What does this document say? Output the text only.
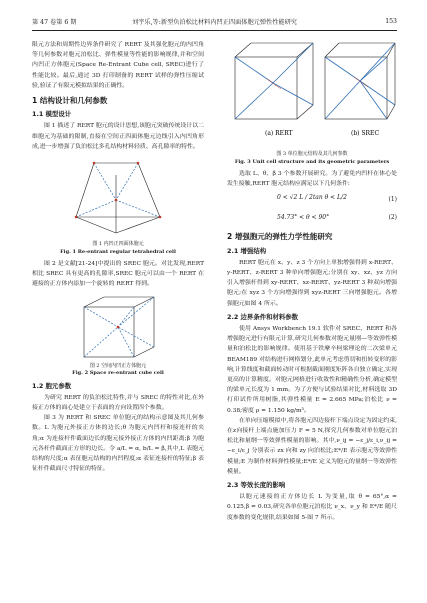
第 47 卷第 6 期	刘宇乐,等:新型负泊松比材料内凹正四面体胞元弹性性能研究	153

限元方法和周期性边界条件研究了 RERT 及其强化胞元的内凹角等几何参数对胞元泊松比、弹性模量等性能的影响规律,并和空间内凹正方体胞元(Space Re-Entrant Cube cell, SREC)进行了性能比较。最后,通过 3D 打印制备的 RERT 试样的弹性压缩试验,验证了有限元模拟结果的正确性。

1 结构设计和几何参数
1.1 模型设计

图 1 描述了 RERT 胞元的设计思想,该胞元突破传统设计以二维胞元为基础的限制,直接在空间正四面体胞元边线引入内凹角形成,进一步增强了负泊松比多孔结构材料轻质、高孔隙率的特性。

图 1 内凹正四面体胞元
Fig. 1 Re-entrant regular tetrahedral cell

图 2 是文献[21-24]中提出的 SREC 胞元。对比发现,RERT 相比 SREC 具有更高的孔隙率,SREC 胞元可以由一个 RERT 在避接的正方体内添加一个旋转的 RERT 得到。

图 2 空间内凹正方体胞元
Fig. 2 Space re-entrant cube cell
1.2 胞元参数

为研究 RERT 的负泊松比特性,并与 SREC 的特性对比,在外接正方体的面心处建立于表面的方向设置四个参数。

图 3 为 RERT 和 SREC 单位胞元的结构示意图及其几何参数。L 为胞元外接正方体的边长;θ 为胞元内凹杆和接连杆的夹角;α 为连接杆件截面边长的胞元接外接正方体的内凹距离;β 为胞元各杆件截面正方形的边长。令 a/L = α, b/L = β,其中,L 表胞元结构的尺度;α 表征胞元结构的内凹程度;α 表征连接杆的特征;β 表征杆件截面尺寸特征的特征。

(a) RERT	(b) SREC
图 3 单位胞元结构及其几何参数
Fig. 3 Unit cell structure and its geometric parameters

选取 L、θ、β 3 个参数开展研究。为了避免内凹杆在体心处发生接触,RERT 胞元结构应满足以下几何条件:

0 < √2 L / 2tan θ < L/2	(1)
54.73° < θ < 90°	(2)
2 增强胞元的弹性力学性能研究
2.1 增强结构

RERT 胞元在 x、y、z 3 个方向上单独增强得到 x-RERT、y-RERT、z-RERT 3 种单向增强胞元;分别在 xy、xz、yz 方向引入增强杆得到 xy-RERT、xz-RERT、yz-RERT 3 种双向增强胞元;在 xyz 3 个方向增强得到 xyz-RERT 三向增强胞元。各增强胞元如图 4 所示。

2.2 边界条件和材料参数

使用 Ansys Workbench 19.1 软件对 SREC、RERT 和各增强胞元进行有限元计算,研究几何参数对胞元量刚—等效弹性模量和泊松比的影响规律。使用基于铁摩辛柯梁理论的二次梁单元 BEAM189 对结构进行网格划分,此单元考虑剪切和扭转变形的影响,计算线度和截面转动时可根据截面刚度矩阵各自独立确定,实现更高的计算精度。对胞元网格进行收敛性和精确性分析,确定模型的梁单元长度为 1 mm。为了方便与试验结果对比,材料选取 3D 打印试件所用树脂,其弹性模量 E = 2.665 MPa;泊松比 ν = 0.38;密度 ρ = 1.150 kg/m³。

在单向压缩模拟中,将各胞元四边接杆下端点设定为固定约束,在z向接杆上端点施加压力 F = 5 N,探究几何参数对单位胞元泊松比和量纲一等效弹性模量的影响。其中,ν_ij = −ε_j/ε_i,ν_ij = −ε_i/ε_j 分别表示 zx 向和 zy 向泊松比;E*/E 表示胞元等效弹性模量;E 为制作材料弹性模量;E*/E 定义为胞元的量纲一等效弹性模量。

2.3 等效长度的影响

以胞元速接的正方体边长 L 为变量,取 θ = 65°,α = 0.125,β = 0.03,研究各单位胞元泊松比 ν_x、ν_y 和 E*/E 随尺度参数的变化规律,结果如图 5-图 7 所示。
